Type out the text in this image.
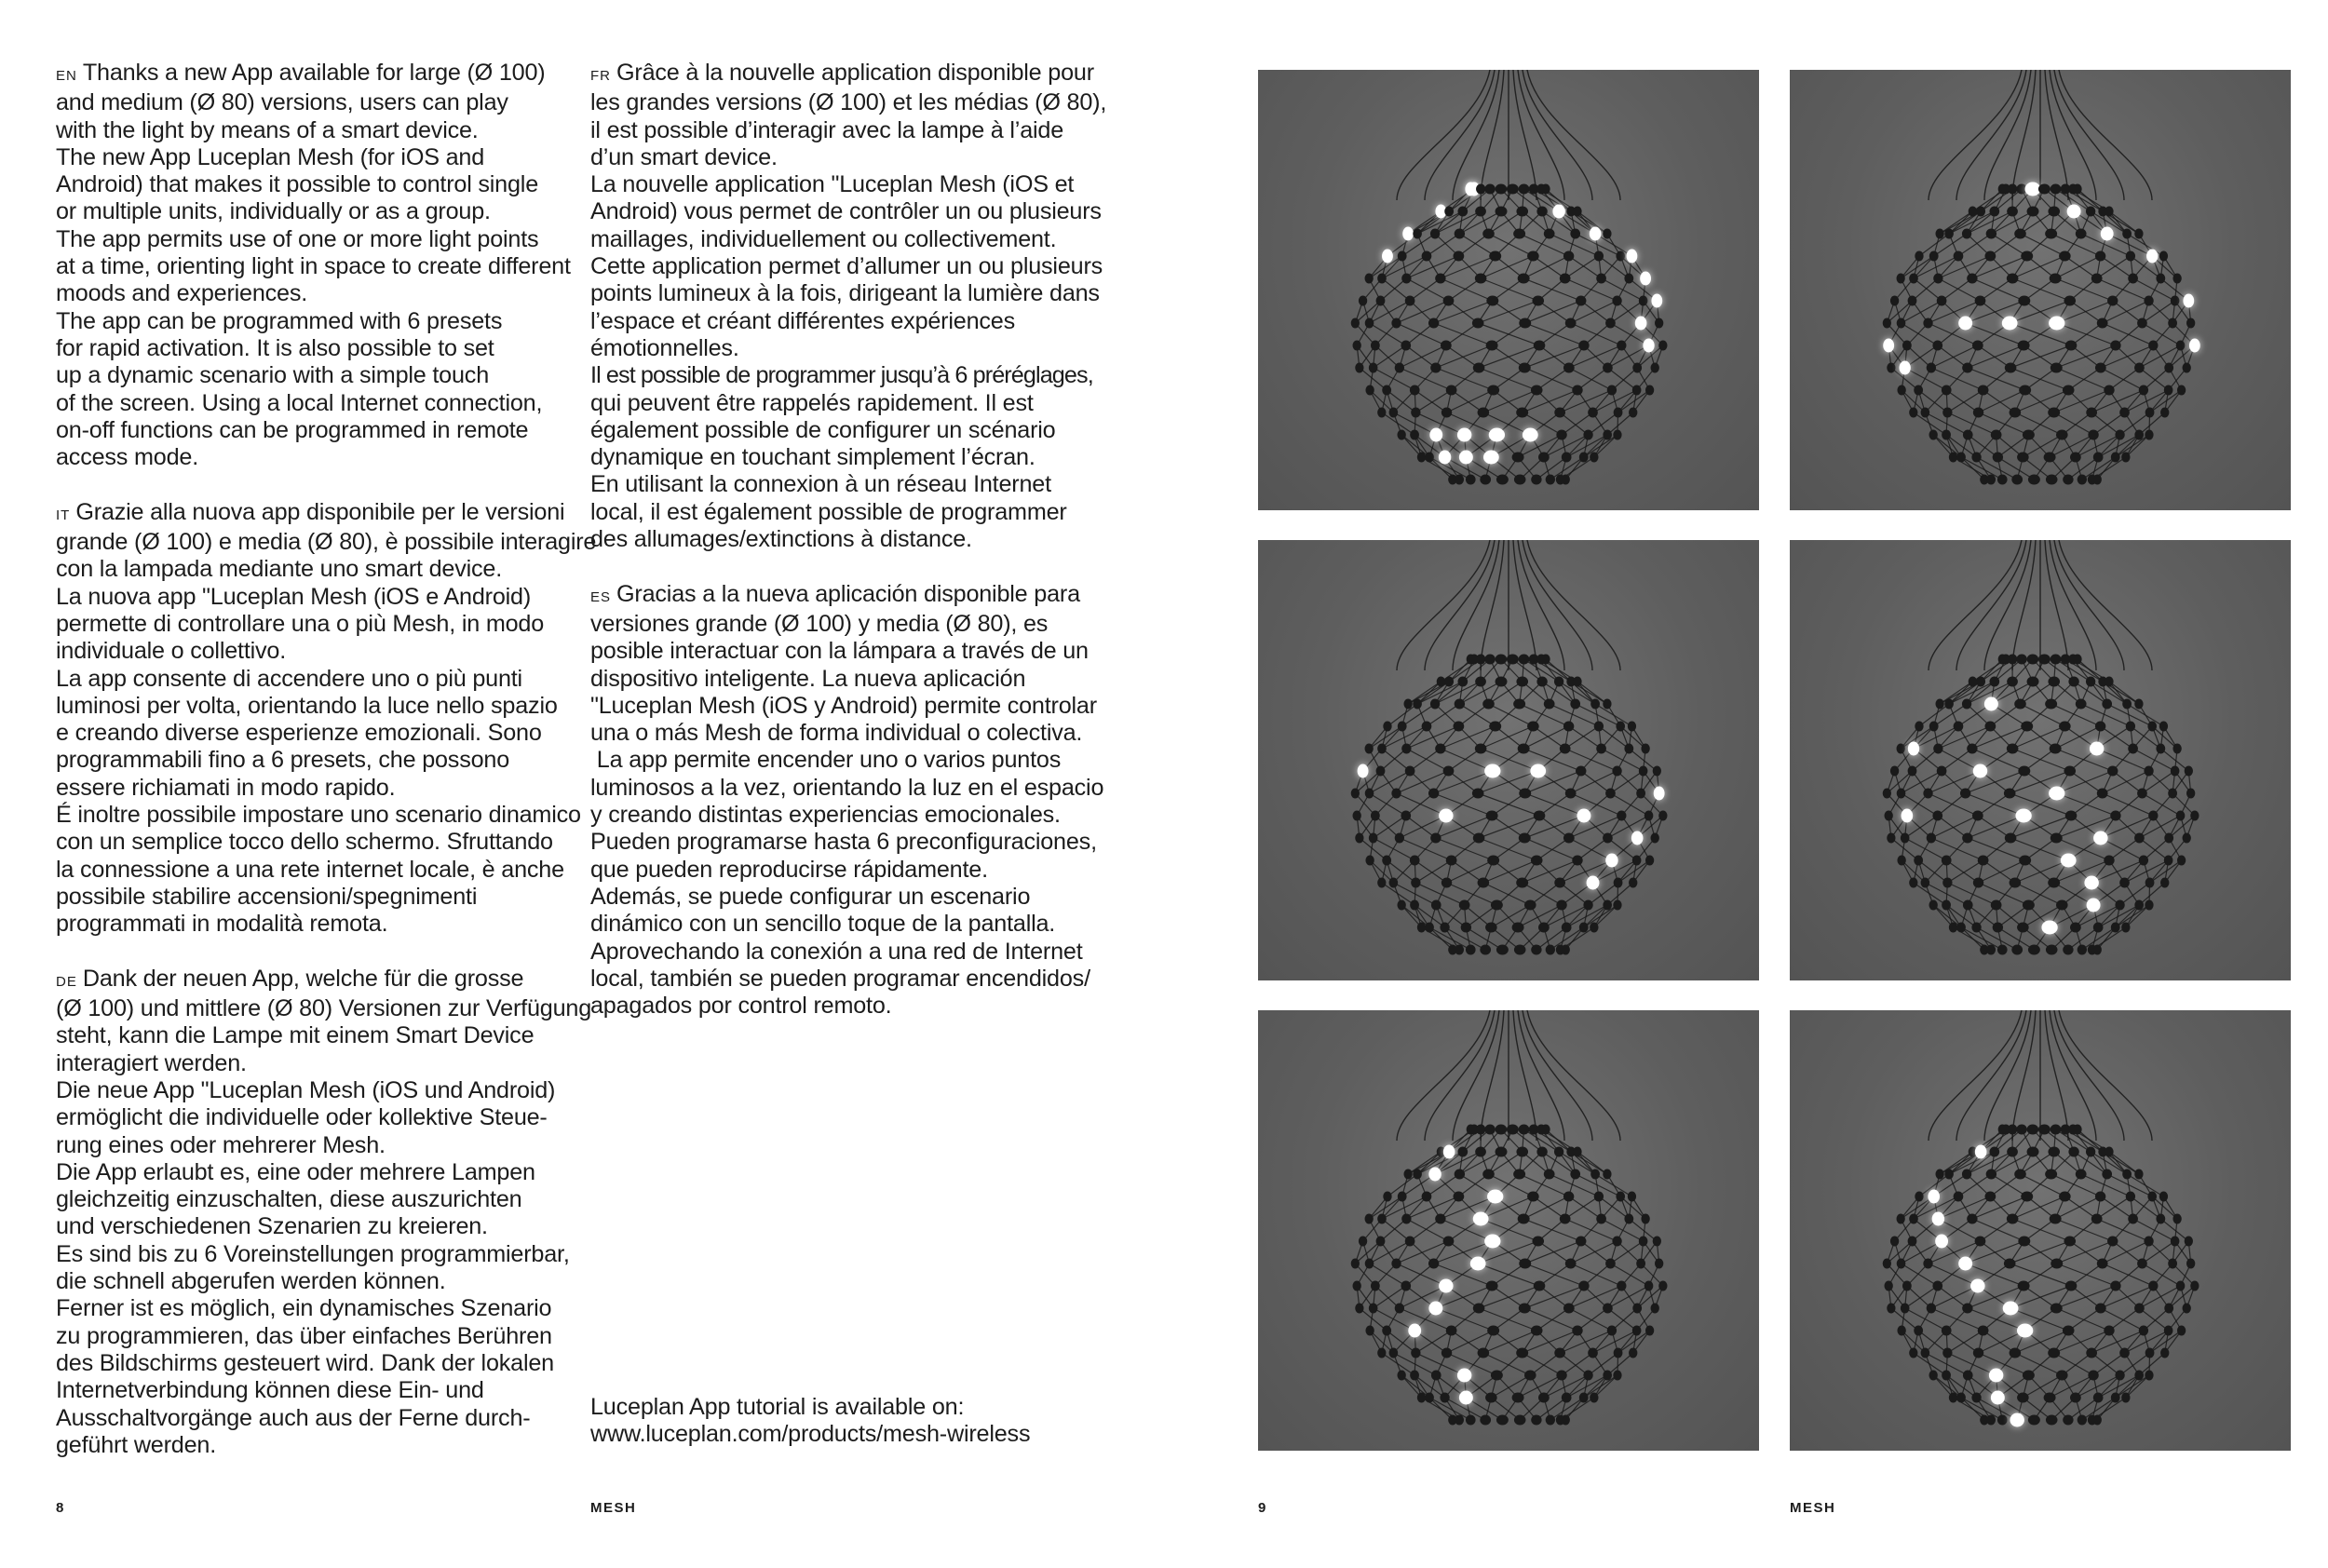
EN Thanks a new App available for large (Ø 100)
and medium (Ø 80) versions, users can play
with the light by means of a smart device.
The new App Luceplan Mesh (for iOS and
Android) that makes it possible to control single
or multiple units, individually or as a group.
The app permits use of one or more light points
at a time, orienting light in space to create different
moods and experiences.
The app can be programmed with 6 presets
for rapid activation. It is also possible to set
up a dynamic scenario with a simple touch
of the screen. Using a local Internet connection,
on-off functions can be programmed in remote
access mode.

IT Grazie alla nuova app disponibile per le versioni
grande (Ø 100) e media (Ø 80), è possibile interagire
con la lampada mediante uno smart device.
La nuova app "Luceplan Mesh (iOS e Android)
permette di controllare una o più Mesh, in modo
individuale o collettivo.
La app consente di accendere uno o più punti
luminosi per volta, orientando la luce nello spazio
e creando diverse esperienze emozionali. Sono
programmabili fino a 6 presets, che possono
essere richiamati in modo rapido.
É inoltre possibile impostare uno scenario dinamico
con un semplice tocco dello schermo. Sfruttando
la connessione a una rete internet locale, è anche
possibile stabilire accensioni/spegnimenti
programmati in modalità remota.

DE Dank der neuen App, welche für die grosse
(Ø 100) und mittlere (Ø 80) Versionen zur Verfügung
steht, kann die Lampe mit einem Smart Device
interagiert werden.
Die neue App "Luceplan Mesh (iOS und Android)
ermöglicht die individuelle oder kollektive Steue-
rung eines oder mehrerer Mesh.
Die App erlaubt es, eine oder mehrere Lampen
gleichzeitig einzuschalten, diese auszurichten
und verschiedenen Szenarien zu kreieren.
Es sind bis zu 6 Voreinstellungen programmierbar,
die schnell abgerufen werden können.
Ferner ist es möglich, ein dynamisches Szenario
zu programmieren, das über einfaches Berühren
des Bildschirms gesteuert wird. Dank der lokalen
Internetverbindung können diese Ein- und
Ausschaltvorgänge auch aus der Ferne durch-
geführt werden.

FR Grâce à la nouvelle application disponible pour
les grandes versions (Ø 100) et les médias (Ø 80),
il est possible d’interagir avec la lampe à l’aide
d’un smart device.
La nouvelle application "Luceplan Mesh (iOS et
Android) vous permet de contrôler un ou plusieurs
maillages, individuellement ou collectivement.
Cette application permet d’allumer un ou plusieurs
points lumineux à la fois, dirigeant la lumière dans
l’espace et créant différentes expériences
émotionnelles.
Il est possible de programmer jusqu’à 6 préréglages,
qui peuvent être rappelés rapidement. Il est
également possible de configurer un scénario
dynamique en touchant simplement l’écran.
En utilisant la connexion à un réseau Internet
local, il est également possible de programmer
des allumages/extinctions à distance.

ES Gracias a la nueva aplicación disponible para
versiones grande (Ø 100) y media (Ø 80), es
posible interactuar con la lámpara a través de un
dispositivo inteligente. La nueva aplicación
"Luceplan Mesh (iOS y Android) permite controlar
una o más Mesh de forma individual o colectiva.
La app permite encender uno o varios puntos
luminosos a la vez, orientando la luz en el espacio
y creando distintas experiencias emocionales.
Pueden programarse hasta 6 preconfiguraciones,
que pueden reproducirse rápidamente.
Además, se puede configurar un escenario
dinámico con un sencillo toque de la pantalla.
Aprovechando la conexión a una red de Internet
local, también se pueden programar encendidos/
apagados por control remoto.

Luceplan App tutorial is available on:
www.luceplan.com/products/mesh-wireless
8	MESH	9	MESH
